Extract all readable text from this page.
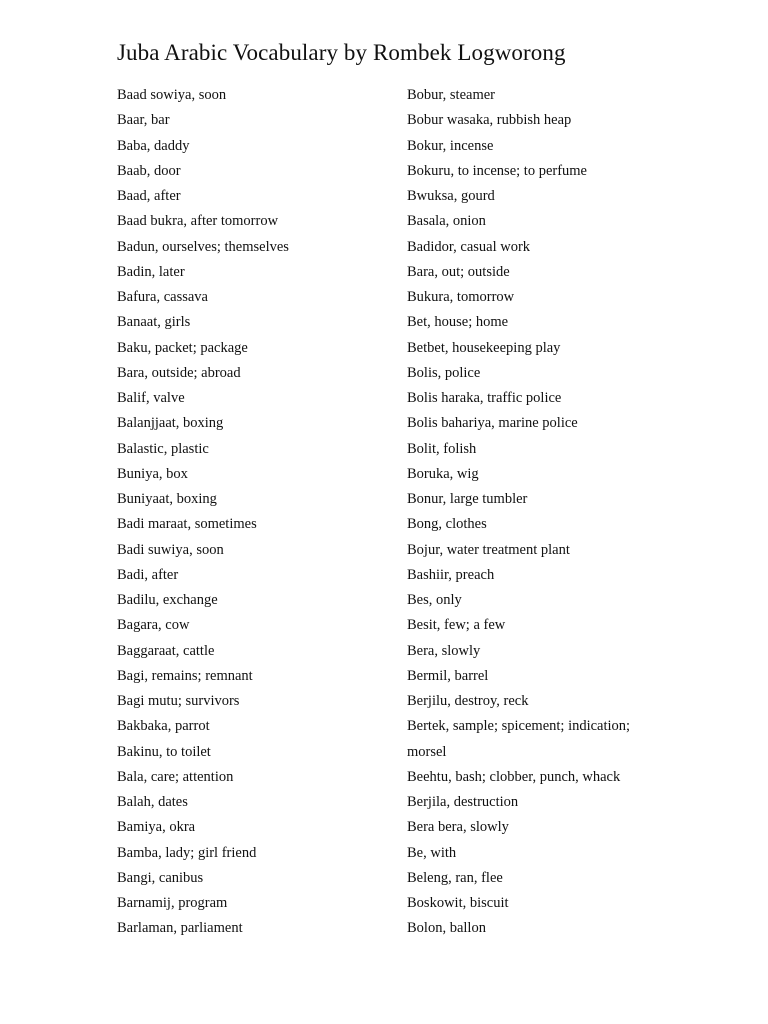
Juba Arabic Vocabulary by Rombek Logworong
Baad sowiya, soon
Baar, bar
Baba, daddy
Baab, door
Baad, after
Baad bukra, after tomorrow
Badun, ourselves; themselves
Badin, later
Bafura, cassava
Banaat, girls
Baku, packet; package
Bara, outside; abroad
Balif, valve
Balanjjaat, boxing
Balastic, plastic
Buniya, box
Buniyaat, boxing
Badi maraat, sometimes
Badi suwiya, soon
Badi, after
Badilu, exchange
Bagara, cow
Baggaraat, cattle
Bagi, remains; remnant
Bagi mutu; survivors
Bakbaka, parrot
Bakinu, to toilet
Bala, care; attention
Balah, dates
Bamiya, okra
Bamba, lady; girl friend
Bangi, canibus
Barnamij, program
Barlaman, parliament
Bobur, steamer
Bobur wasaka, rubbish heap
Bokur, incense
Bokuru, to incense; to perfume
Bwuksa, gourd
Basala, onion
Badidor, casual work
Bara, out; outside
Bukura, tomorrow
Bet, house; home
Betbet, housekeeping play
Bolis, police
Bolis haraka, traffic police
Bolis bahariya, marine police
Bolit, folish
Boruka, wig
Bonur, large tumbler
Bong, clothes
Bojur, water treatment plant
Bashiir, preach
Bes, only
Besit, few; a few
Bera, slowly
Bermil, barrel
Berjilu, destroy, reck
Bertek, sample; spicement; indication;
morsel
Beehtu, bash; clobber, punch, whack
Berjila, destruction
Bera bera, slowly
Be, with
Beleng, ran, flee
Boskowit, biscuit
Bolon, ballon
